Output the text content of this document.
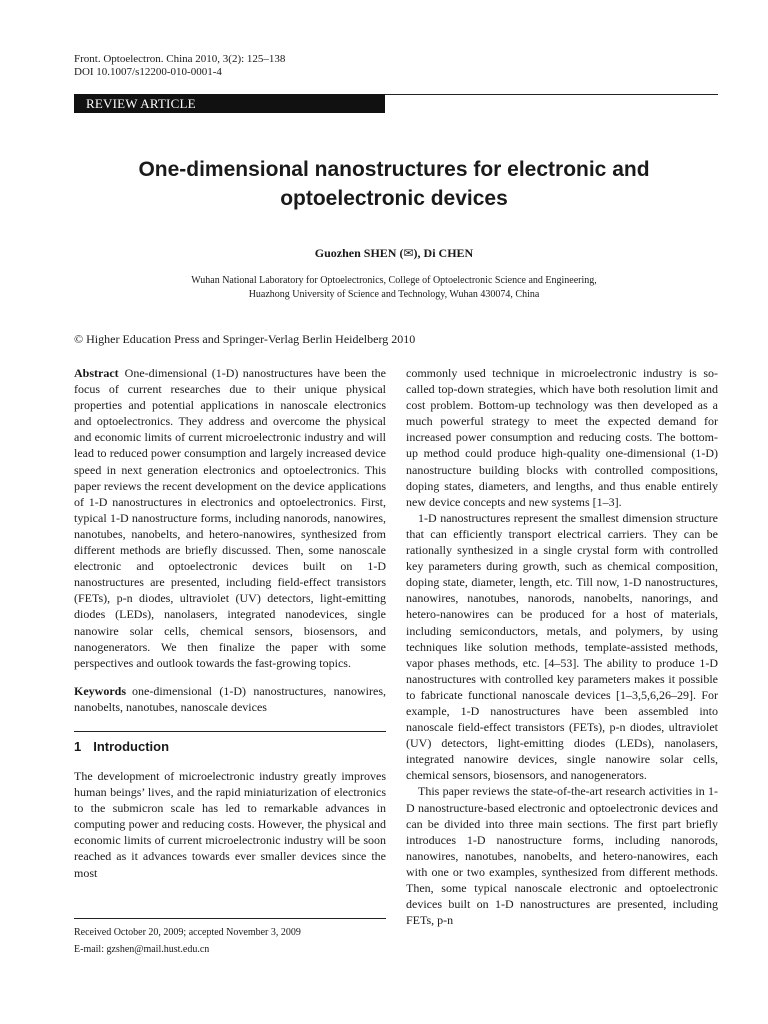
Front. Optoelectron. China 2010, 3(2): 125–138
DOI 10.1007/s12200-010-0001-4
REVIEW ARTICLE
One-dimensional nanostructures for electronic and
optoelectronic devices
Guozhen SHEN (✉), Di CHEN
Wuhan National Laboratory for Optoelectronics, College of Optoelectronic Science and Engineering,
Huazhong University of Science and Technology, Wuhan 430074, China
© Higher Education Press and Springer-Verlag Berlin Heidelberg 2010

Abstract One-dimensional (1-D) nanostructures have been the focus of current researches due to their unique physical properties and potential applications in nanoscale electronics and optoelectronics. They address and overcome the physical and economic limits of current microelectronic industry and will lead to reduced power consumption and largely increased device speed in next generation electronics and optoelectronics. This paper reviews the recent development on the device applications of 1-D nanostructures in electronics and optoelectronics. First, typical 1-D nanostructure forms, including nanorods, nanowires, nanotubes, nanobelts, and hetero-nanowires, synthesized from different methods are briefly discussed. Then, some nanoscale electronic and optoelectronic devices built on 1-D nanostructures are presented, including field-effect transistors (FETs), p-n diodes, ultraviolet (UV) detectors, light-emitting diodes (LEDs), nanolasers, integrated nanodevices, single nanowire solar cells, chemical sensors, biosensors, and nanogenerators. We then finalize the paper with some perspectives and outlook towards the fast-growing topics.

Keywords one-dimensional (1-D) nanostructures, nanowires, nanobelts, nanotubes, nanoscale devices

1 Introduction

The development of microelectronic industry greatly improves human beings’ lives, and the rapid miniaturization of electronics to the submicron scale has led to remarkable advances in computing power and reducing costs. However, the physical and economic limits of current microelectronic industry will be soon reached as it advances towards ever smaller devices since the most

commonly used technique in microelectronic industry is so-called top-down strategies, which have both resolution limit and cost problem. Bottom-up technology was then developed as a much powerful strategy to meet the expected demand for increased power consumption and reducing costs. The bottom-up method could produce high-quality one-dimensional (1-D) nanostructure building blocks with controlled compositions, doping states, diameters, and lengths, and thus enable entirely new device concepts and new systems [1–3].

1-D nanostructures represent the smallest dimension structure that can efficiently transport electrical carriers. They can be rationally synthesized in a single crystal form with controlled key parameters during growth, such as chemical composition, doping state, diameter, length, etc. Till now, 1-D nanostructures, nanowires, nanotubes, nanorods, nanobelts, nanorings, and hetero-nanowires can be produced for a host of materials, including semiconductors, metals, and polymers, by using techniques like solution methods, template-assisted methods, vapor phases methods, etc. [4–53]. The ability to produce 1-D nanostructures with controlled key parameters makes it possible to fabricate functional nanoscale devices [1–3,5,6,26–29]. For example, 1-D nanostructures have been assembled into nanoscale field-effect transistors (FETs), p-n diodes, ultraviolet (UV) detectors, light-emitting diodes (LEDs), nanolasers, integrated nanowire devices, single nanowire solar cells, chemical sensors, biosensors, and nanogenerators.

This paper reviews the state-of-the-art research activities in 1-D nanostructure-based electronic and optoelectronic devices and can be divided into three main sections. The first part briefly introduces 1-D nanostructure forms, including nanorods, nanowires, nanotubes, nanobelts, and hetero-nanowires, each with one or two examples, synthesized from different methods. Then, some typical nanoscale electronic and optoelectronic devices built on 1-D nanostructures are presented, including FETs, p-n

Received October 20, 2009; accepted November 3, 2009
E-mail: gzshen@mail.hust.edu.cn
